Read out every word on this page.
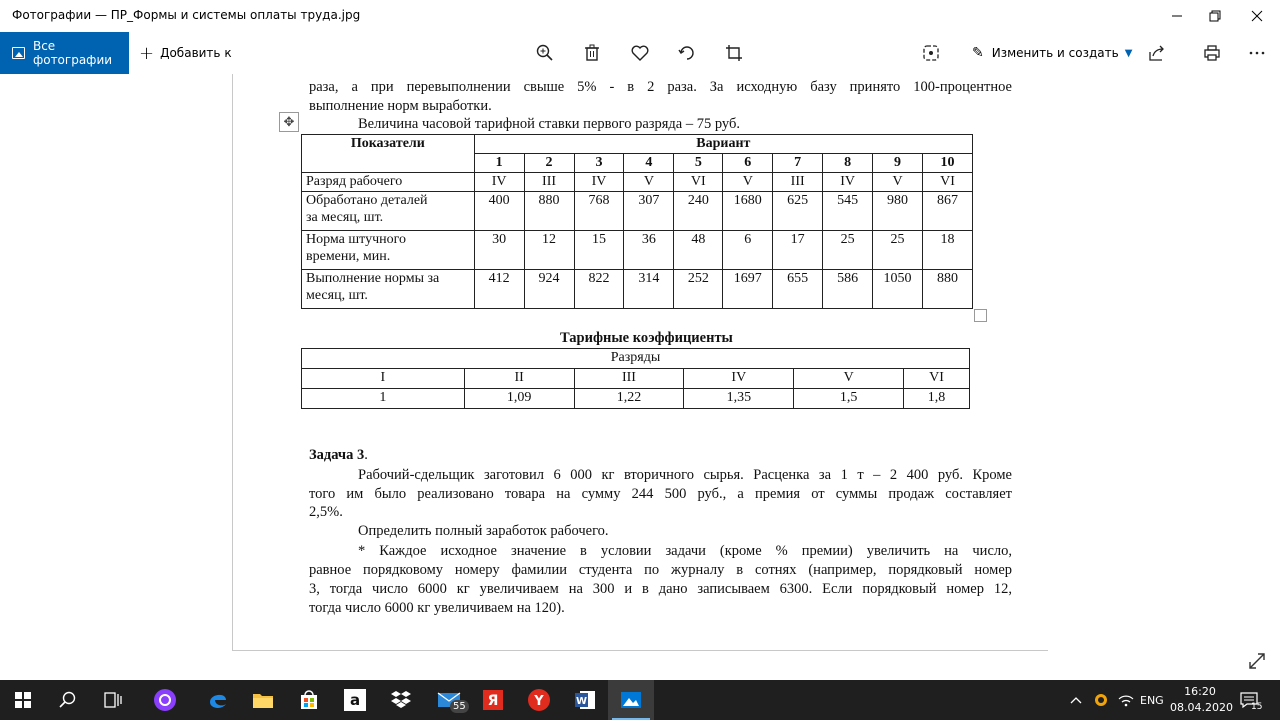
Фотографии — ПР_Формы и системы оплаты труда.jpg
Все фотографии	+ Добавить к	✎ Изменить и создать ▼
раза, а при перевыполнении свыше 5% - в 2 раза. За исходную базу принято 100-процентное
выполнение норм выработки.
Величина часовой тарифной ставки первого разряда – 75 руб.
✥
Показатели	Вариант									
	1	2	3	4	5	6	7	8	9	10
Разряд рабочего	IV	III	IV	V	VI	V	III	IV	V	VI

Обработано деталей
за месяц, шт.	400	880	768	307	240	1680	625	545	980	867

Норма штучного
времени, мин.	30	12	15	36	48	6	17	25	25	18

Выполнение нормы за
месяц, шт.	412	924	822	314	252	1697	655	586	1050	880
Тарифные коэффициенты
Разряды					
I	II	III	IV	V	VI
1	1,09	1,22	1,35	1,5	1,8
Задача 3.
Рабочий-сдельщик заготовил 6 000 кг вторичного сырья. Расценка за 1 т – 2 400 руб. Кроме
того им было реализовано товара на сумму 244 500 руб., а премия от суммы продаж составляет
2,5%.
Определить полный заработок рабочего.
* Каждое исходное значение в условии задачи (кроме % премии) увеличить на число,
равное порядковому номеру фамилии студента по журналу в сотнях (например, порядковый номер
3, тогда число 6000 кг увеличиваем на 300 и в дано записываем 6300. Если порядковый номер 12,
тогда число 6000 кг увеличиваем на 120).
a	55 Я	Y	W	ENG
16:20
08.04.2020 15
